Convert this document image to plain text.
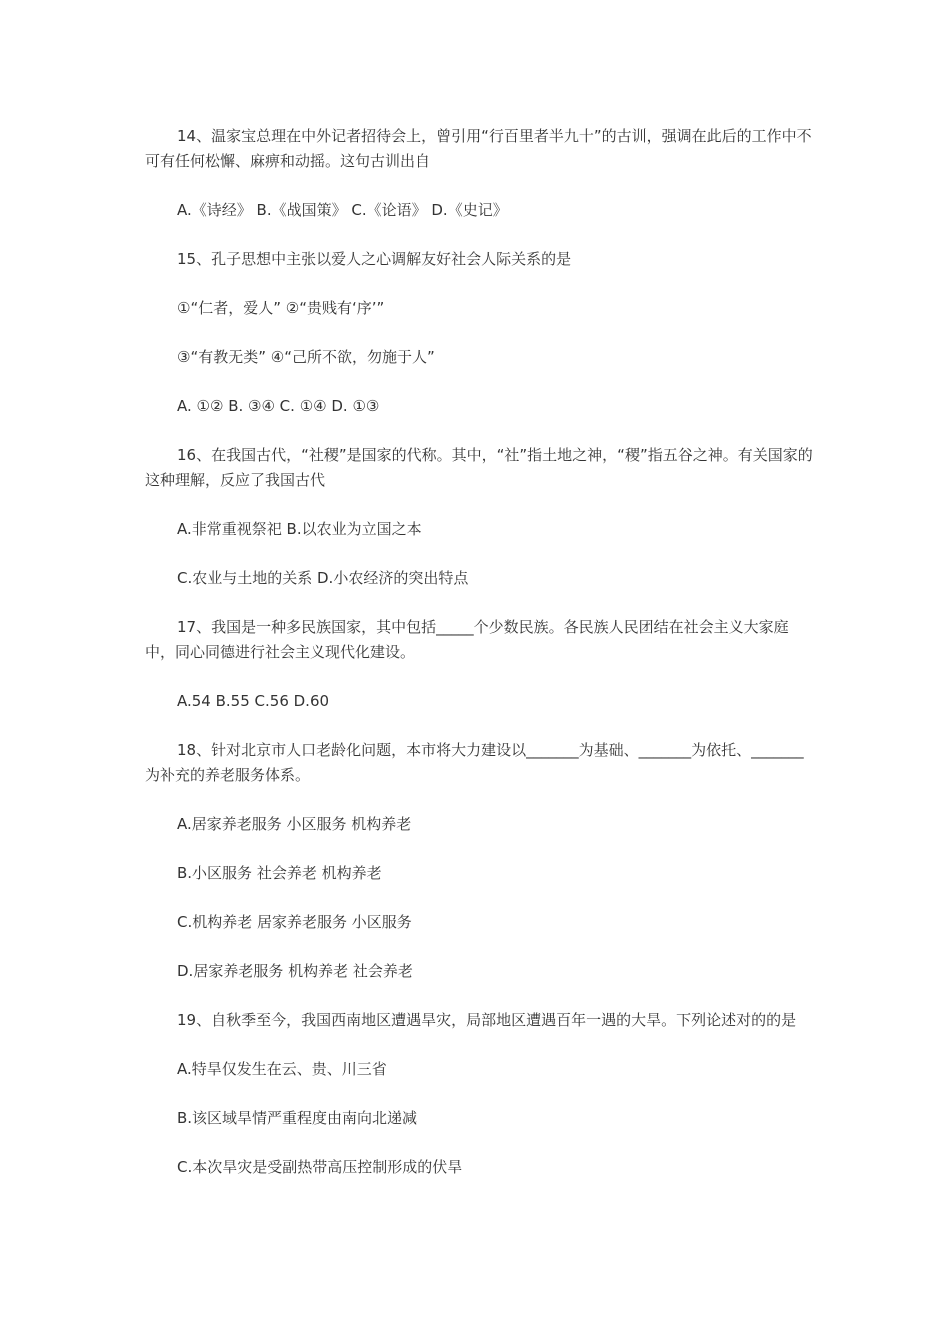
14、温家宝总理在中外记者招待会上，曾引用“行百里者半九十”的古训，强调在此后的工作中不可有任何松懈、麻痹和动摇。这句古训出自

A.《诗经》 B.《战国策》 C.《论语》 D.《史记》

15、孔子思想中主张以爱人之心调解友好社会人际关系的是

①“仁者，爱人” ②“贵贱有‘序’”

③“有教无类” ④“己所不欲，勿施于人”

A. ①② B. ③④ C. ①④ D. ①③

16、在我国古代，“社稷”是国家的代称。其中，“社”指土地之神，“稷”指五谷之神。有关国家的这种理解，反应了我国古代

A.非常重视祭祀 B.以农业为立国之本

C.农业与土地的关系 D.小农经济的突出特点

17、我国是一种多民族国家，其中包括_____个少数民族。各民族人民团结在社会主义大家庭中，同心同德进行社会主义现代化建设。

A.54 B.55 C.56 D.60

18、针对北京市人口老龄化问题，本市将大力建设以_______为基础、_______为依托、_______为补充的养老服务体系。

A.居家养老服务 小区服务 机构养老

B.小区服务 社会养老 机构养老

C.机构养老 居家养老服务 小区服务

D.居家养老服务 机构养老 社会养老

19、自秋季至今，我国西南地区遭遇旱灾，局部地区遭遇百年一遇的大旱。下列论述对的的是

A.特旱仅发生在云、贵、川三省

B.该区域旱情严重程度由南向北递减

C.本次旱灾是受副热带高压控制形成的伏旱
